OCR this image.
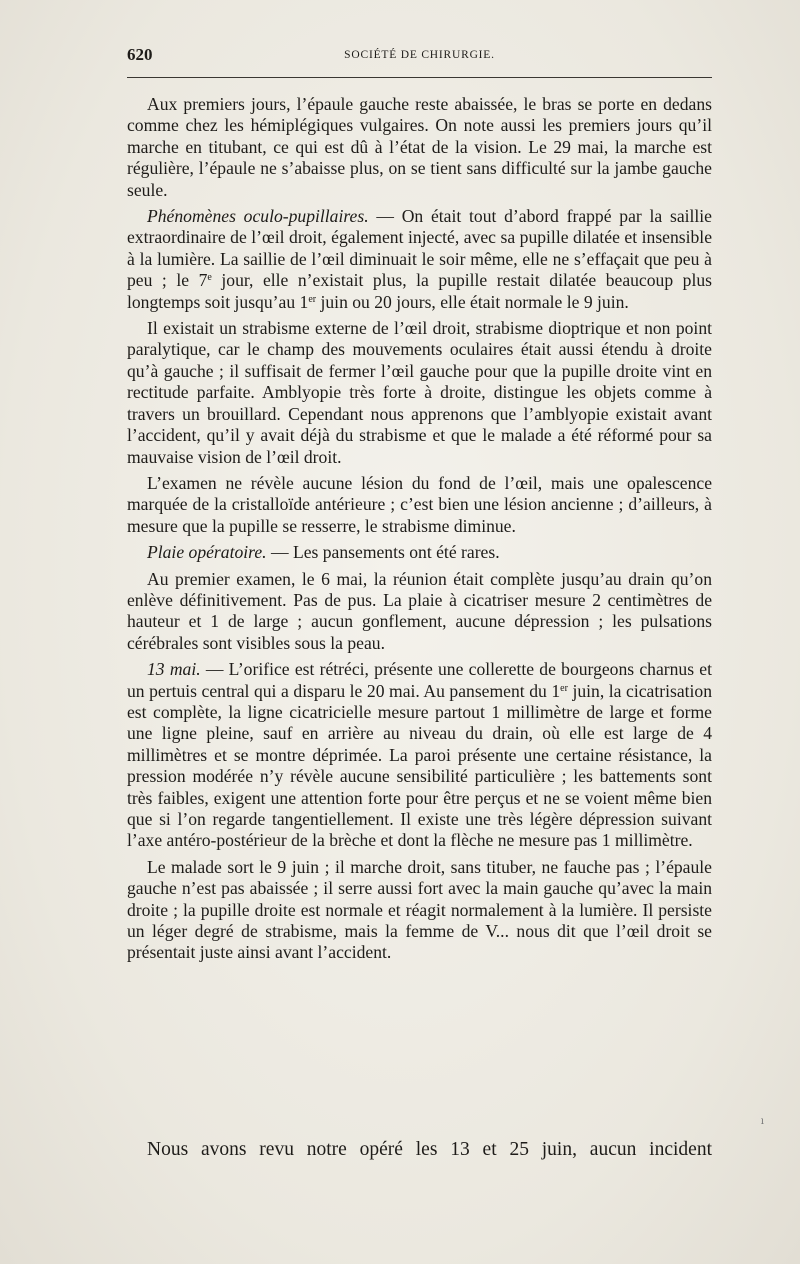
620	SOCIÉTÉ DE CHIRURGIE.

Aux premiers jours, l’épaule gauche reste abaissée, le bras se porte en dedans comme chez les hémiplégiques vulgaires. On note aussi les premiers jours qu’il marche en titubant, ce qui est dû à l’état de la vision. Le 29 mai, la marche est régulière, l’épaule ne s’abaisse plus, on se tient sans difficulté sur la jambe gauche seule.

Phénomènes oculo-pupillaires. — On était tout d’abord frappé par la saillie extraordinaire de l’œil droit, également injecté, avec sa pupille dilatée et insensible à la lumière. La saillie de l’œil diminuait le soir même, elle ne s’effaçait que peu à peu ; le 7e jour, elle n’existait plus, la pupille restait dilatée beaucoup plus longtemps soit jusqu’au 1er juin ou 20 jours, elle était normale le 9 juin.

Il existait un strabisme externe de l’œil droit, strabisme dioptrique et non point paralytique, car le champ des mouvements oculaires était aussi étendu à droite qu’à gauche ; il suffisait de fermer l’œil gauche pour que la pupille droite vint en rectitude parfaite. Amblyopie très forte à droite, distingue les objets comme à travers un brouillard. Cependant nous apprenons que l’amblyopie existait avant l’accident, qu’il y avait déjà du strabisme et que le malade a été réformé pour sa mauvaise vision de l’œil droit.

L’examen ne révèle aucune lésion du fond de l’œil, mais une opalescence marquée de la cristalloïde antérieure ; c’est bien une lésion ancienne ; d’ailleurs, à mesure que la pupille se resserre, le strabisme diminue.

Plaie opératoire. — Les pansements ont été rares.

Au premier examen, le 6 mai, la réunion était complète jusqu’au drain qu’on enlève définitivement. Pas de pus. La plaie à cicatriser mesure 2 centimètres de hauteur et 1 de large ; aucun gonflement, aucune dépression ; les pulsations cérébrales sont visibles sous la peau.

13 mai. — L’orifice est rétréci, présente une collerette de bourgeons charnus et un pertuis central qui a disparu le 20 mai. Au pansement du 1er juin, la cicatrisation est complète, la ligne cicatricielle mesure partout 1 millimètre de large et forme une ligne pleine, sauf en arrière au niveau du drain, où elle est large de 4 millimètres et se montre déprimée. La paroi présente une certaine résistance, la pression modérée n’y révèle aucune sensibilité particulière ; les battements sont très faibles, exigent une attention forte pour être perçus et ne se voient même bien que si l’on regarde tangentiellement. Il existe une très légère dépression suivant l’axe antéro-postérieur de la brèche et dont la flèche ne mesure pas 1 millimètre.

Le malade sort le 9 juin ; il marche droit, sans tituber, ne fauche pas ; l’épaule gauche n’est pas abaissée ; il serre aussi fort avec la main gauche qu’avec la main droite ; la pupille droite est normale et réagit normalement à la lumière. Il persiste un léger degré de strabisme, mais la femme de V... nous dit que l’œil droit se présentait juste ainsi avant l’accident.

ı
Nous avons revu notre opéré les 13 et 25 juin, aucun incident
